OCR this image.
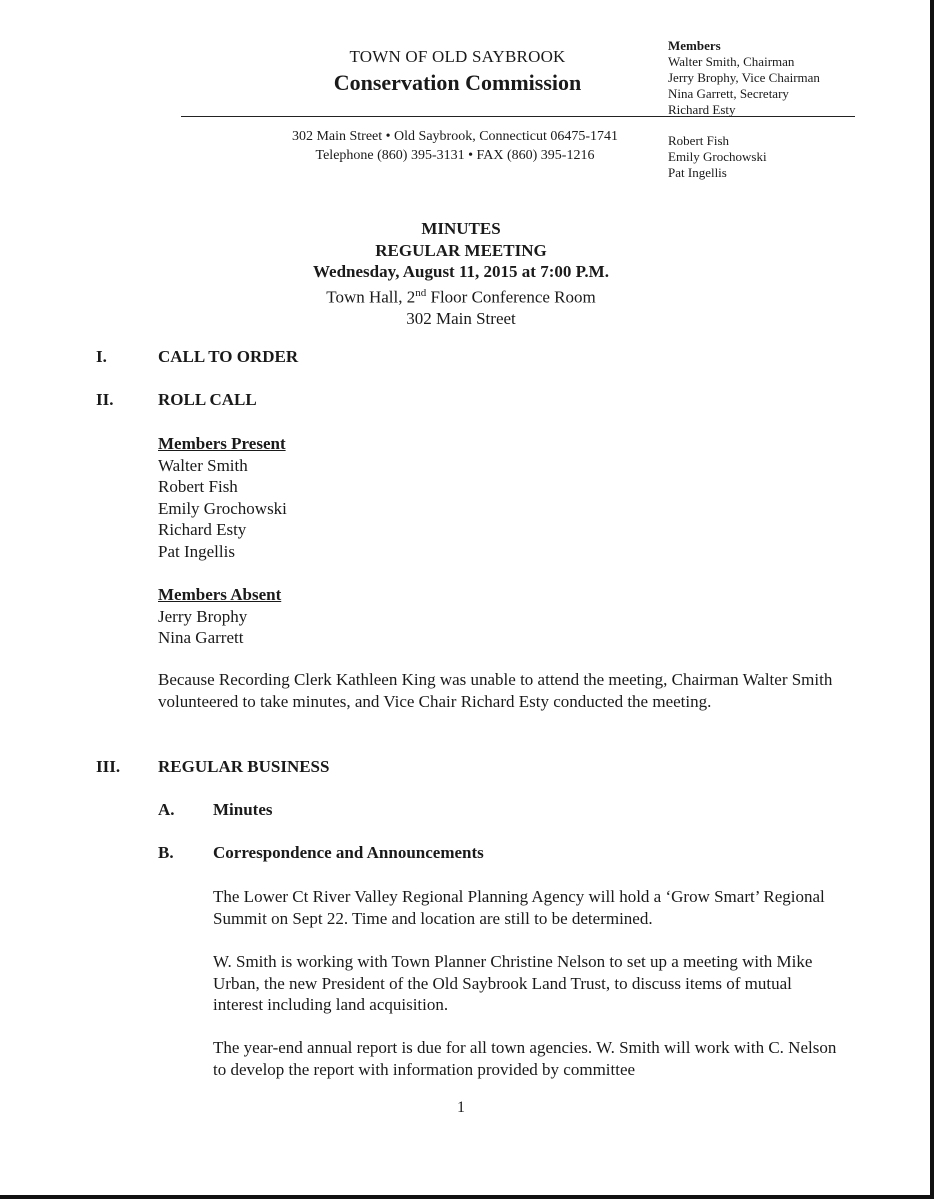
TOWN OF OLD SAYBROOK
Conservation Commission
302 Main Street • Old Saybrook, Connecticut 06475-1741
Telephone (860) 395-3131 • FAX (860) 395-1216
Members
Walter Smith, Chairman
Jerry Brophy, Vice Chairman
Nina Garrett, Secretary
Richard Esty
Robert Fish
Emily Grochowski
Pat Ingellis
MINUTES
REGULAR MEETING
Wednesday, August 11, 2015 at 7:00 P.M.
Town Hall, 2nd Floor Conference Room
302 Main Street
I.	CALL TO ORDER
II.	ROLL CALL
Members Present
Walter Smith
Robert Fish
Emily Grochowski
Richard Esty
Pat Ingellis
Members Absent
Jerry Brophy
Nina Garrett
Because Recording Clerk Kathleen King was unable to attend the meeting, Chairman Walter Smith volunteered to take minutes, and Vice Chair Richard Esty conducted the meeting.
III. REGULAR BUSINESS
A. Minutes
B. Correspondence and Announcements
The Lower Ct River Valley Regional Planning Agency will hold a ‘Grow Smart’ Regional Summit on Sept 22. Time and location are still to be determined.
W. Smith is working with Town Planner Christine Nelson to set up a meeting with Mike Urban, the new President of the Old Saybrook Land Trust, to discuss items of mutual interest including land acquisition.
The year-end annual report is due for all town agencies. W. Smith will work with C. Nelson to develop the report with information provided by committee
1
